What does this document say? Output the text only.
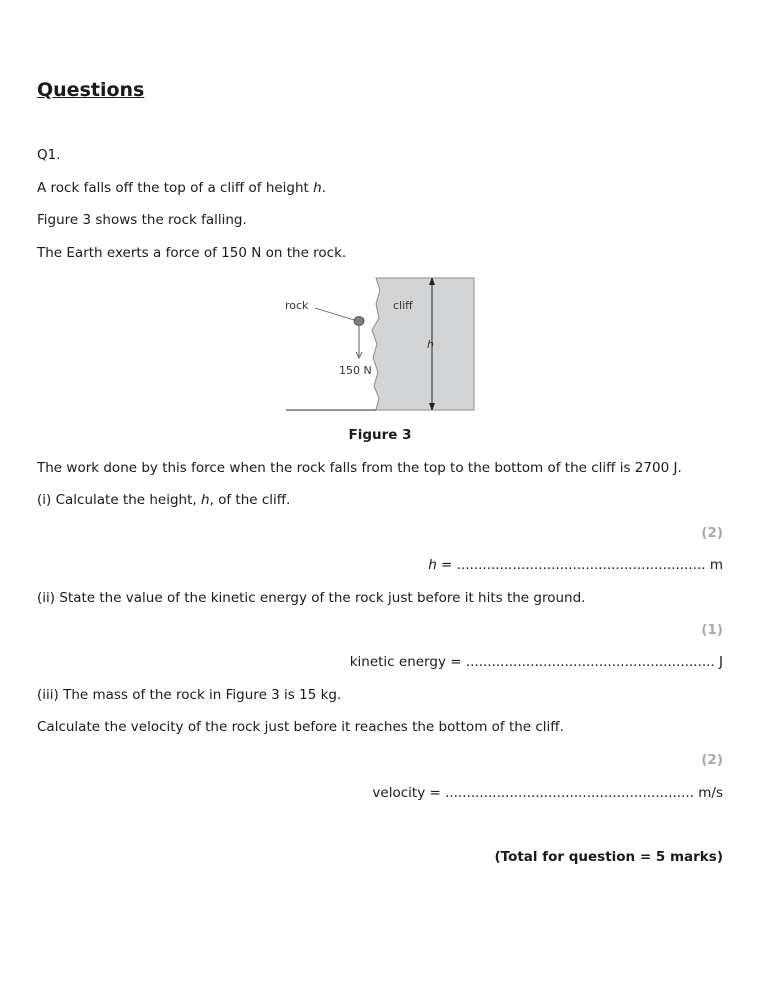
Questions
Q1.
A rock falls off the top of a cliff of height h.
Figure 3 shows the rock falling.
The Earth exerts a force of 150 N on the rock.
rock	cliff
h
150 N
Figure 3
The work done by this force when the rock falls from the top to the bottom of the cliff is 2700 J.
(i) Calculate the height, h, of the cliff.
(2)
h = .......................................................... m
(ii) State the value of the kinetic energy of the rock just before it hits the ground.
(1)
kinetic energy = .......................................................... J
(iii) The mass of the rock in Figure 3 is 15 kg.
Calculate the velocity of the rock just before it reaches the bottom of the cliff.
(2)
velocity = .......................................................... m/s
(Total for question = 5 marks)
